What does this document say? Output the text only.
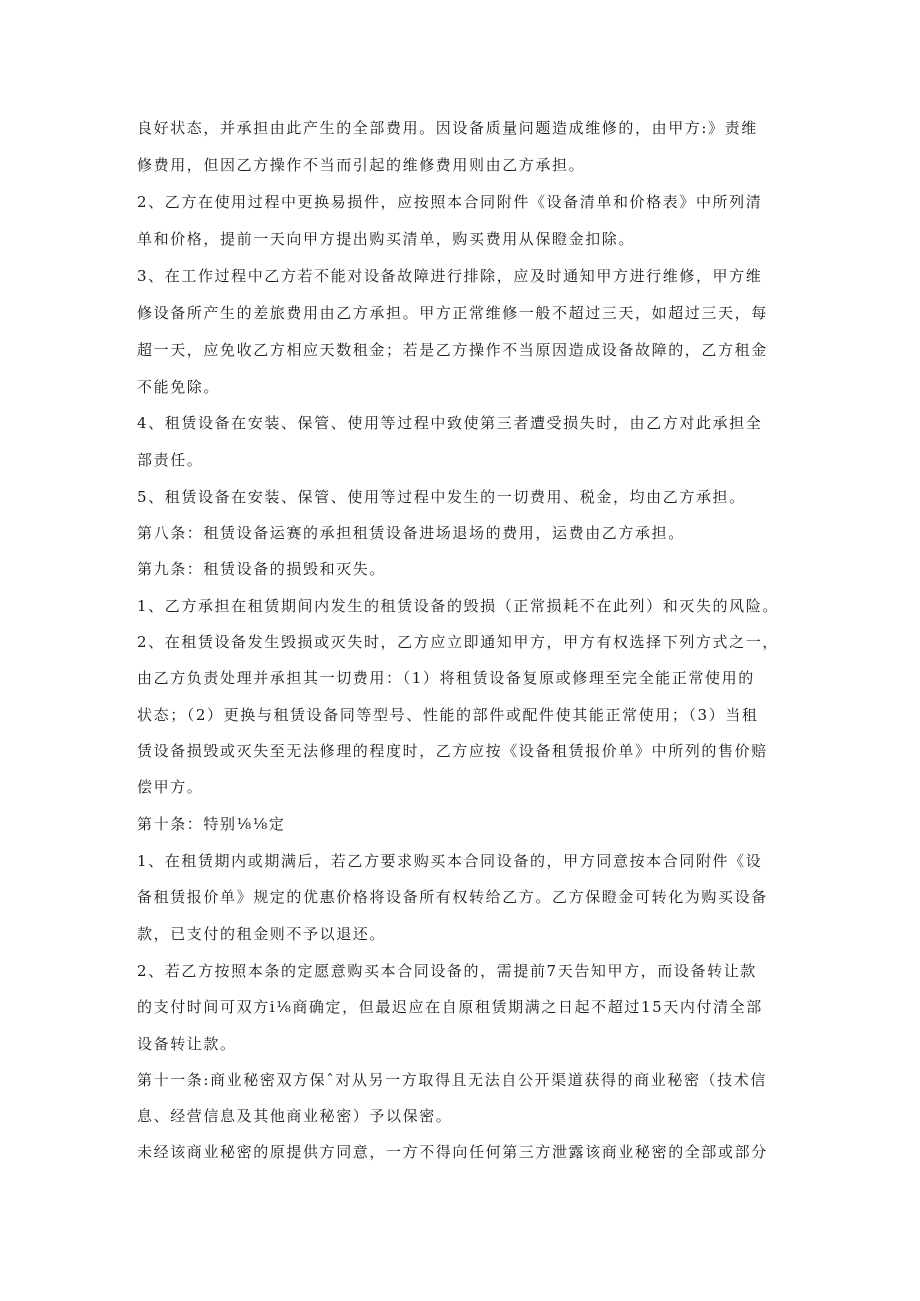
良好状态，并承担由此产生的全部费用。因设备质量问题造成维修的，由甲方:》责维
修费用，但因乙方操作不当而引起的维修费用则由乙方承担。
2、乙方在使用过程中更换易损件，应按照本合同附件《设备清单和价格表》中所列清
单和价格，提前一天向甲方提出购买清单，购买费用从保瞪金扣除。
3、在工作过程中乙方若不能对设备故障进行排除，应及时通知甲方进行维修，甲方维
修设备所产生的差旅费用由乙方承担。甲方正常维修一般不超过三天，如超过三天，每
超一天，应免收乙方相应天数租金；若是乙方操作不当原因造成设备故障的，乙方租金
不能免除。
4、租赁设备在安装、保管、使用等过程中致使第三者遭受损失时，由乙方对此承担全
部责任。
5、租赁设备在安装、保管、使用等过程中发生的一切费用、税金，均由乙方承担。
第八条：租赁设备运赛的承担租赁设备进场退场的费用，运费由乙方承担。
第九条：租赁设备的损毁和灭失。
1、乙方承担在租赁期间内发生的租赁设备的毁损（正常损耗不在此列）和灭失的风险。
2、在租赁设备发生毁损或灭失时，乙方应立即通知甲方，甲方有权选择下列方式之一，
由乙方负责处理并承担其一切费用：（1）将租赁设备复原或修理至完全能正常使用的
状态；（2）更换与租赁设备同等型号、性能的部件或配件使其能正常使用；（3）当租
赁设备损毁或灭失至无法修理的程度时，乙方应按《设备租赁报价单》中所列的售价赔
偿甲方。
第十条：特别⅛⅛定
1、在租赁期内或期满后，若乙方要求购买本合同设备的，甲方同意按本合同附件《设
备租赁报价单》规定的优惠价格将设备所有权转给乙方。乙方保瞪金可转化为购买设备
款，已支付的租金则不予以退还。
2、若乙方按照本条的定愿意购买本合同设备的，需提前7天告知甲方，而设备转让款
的支付时间可双方i⅛商确定，但最迟应在自原租赁期满之日起不超过15天内付清全部
设备转让款。
第十一条:商业秘密双方保ˆ对从另一方取得且无法自公开渠道获得的商业秘密（技术信
息、经营信息及其他商业秘密）予以保密。
未经该商业秘密的原提供方同意，一方不得向任何第三方泄露该商业秘密的全部或部分
